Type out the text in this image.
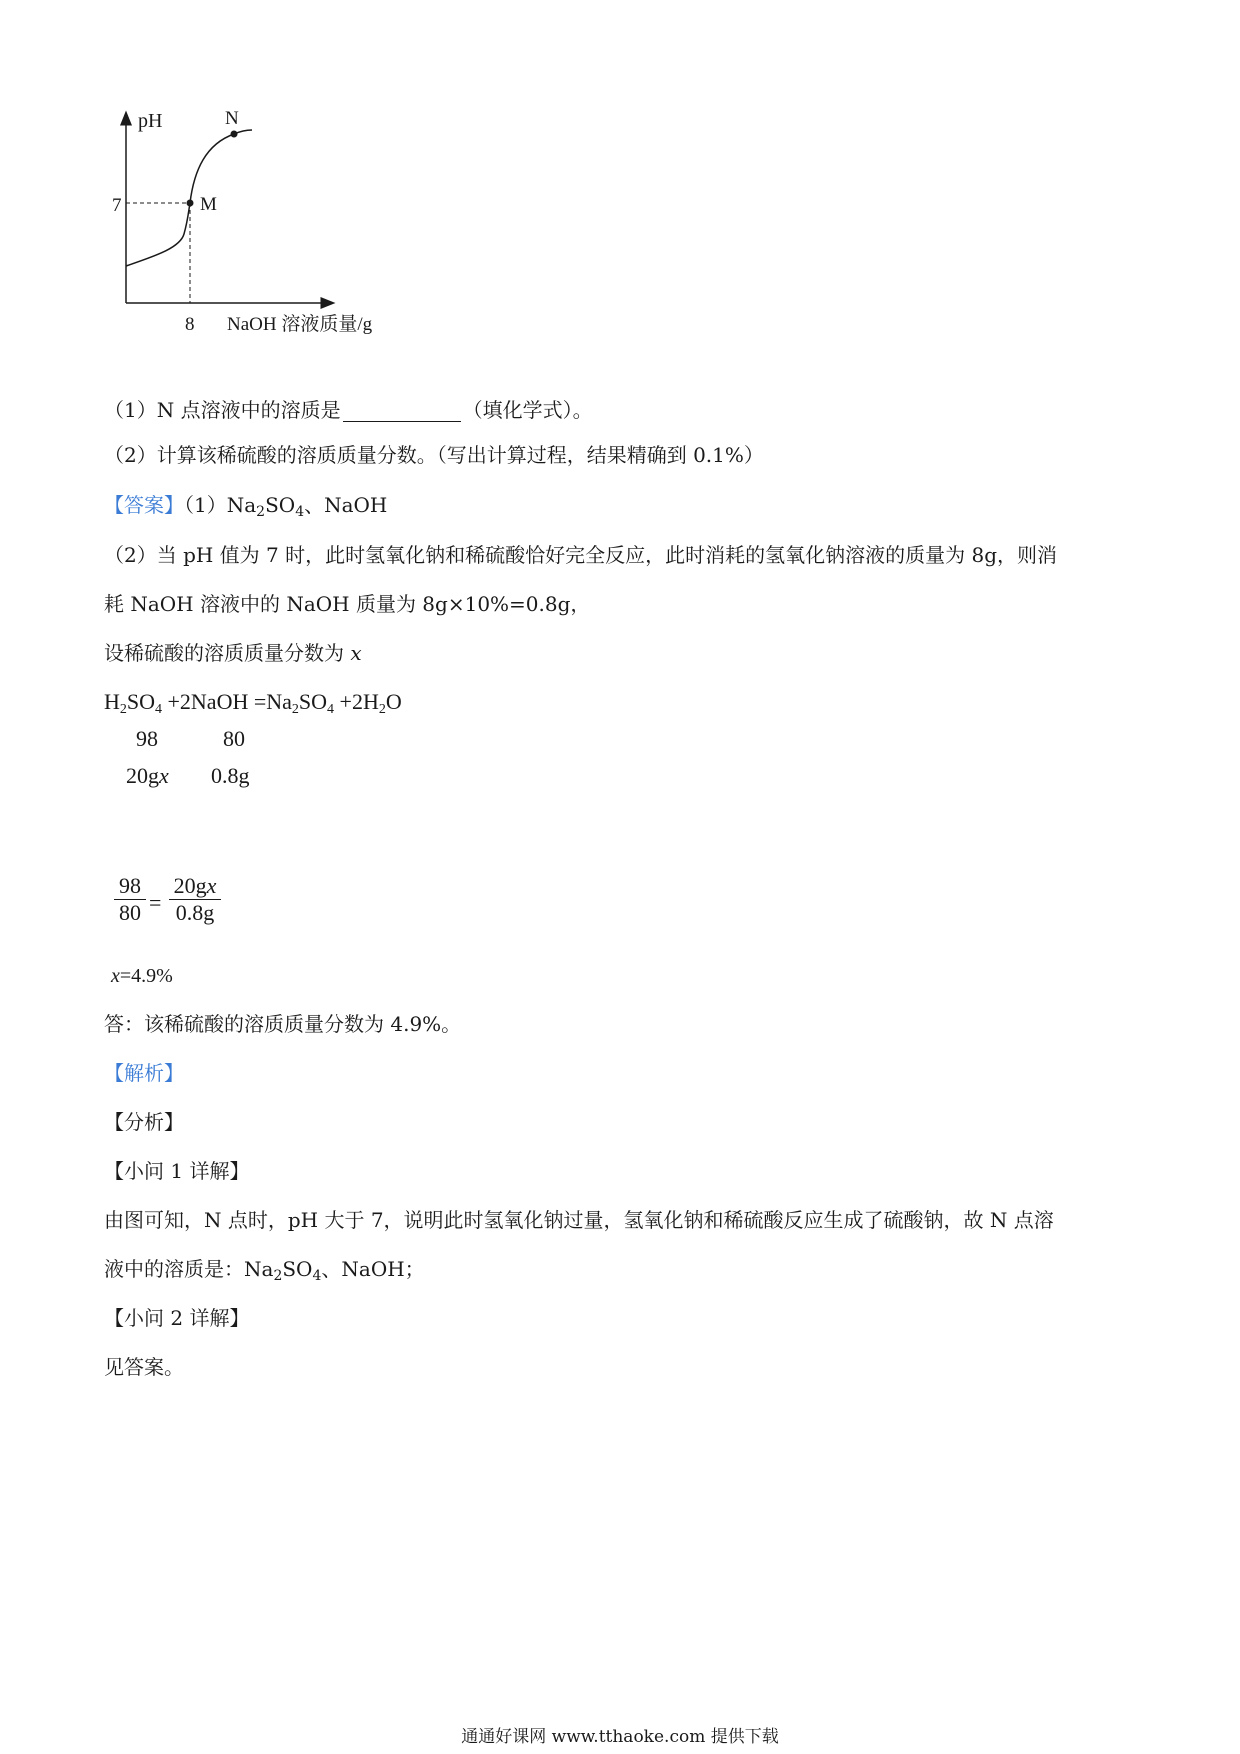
pH
7
8 NaOH 溶液质量/g
M
N
（1）N 点溶液中的溶质是	（填化学式）。
（2）计算该稀硫酸的溶质质量分数。（写出计算过程，结果精确到 0.1%）
【答案】$(1)Na_2SO_4$、NaOH
（2）当 pH 值为 7 时，此时氢氧化钠和稀硫酸恰好完全反应，此时消耗的氢氧化钠溶液的质量为 8g，则消
耗 NaOH 溶液中的 NaOH 质量为 8g×10%=0.8g，
设稀硫酸的溶质质量分数为 x
$H_2SO_4$ +2NaOH $=Na_2SO_4 +2H_2O$
98	80
20gx 0.8g
$\frac{98}{80} = \frac{20gx}{0.8g}$
x=4.9%
答：该稀硫酸的溶质质量分数为 4.9%。
【解析】
【分析】
【小问 1 详解】
由图可知，N 点时，pH 大于 7，说明此时氢氧化钠过量，氢氧化钠和稀硫酸反应生成了硫酸钠，故 N 点溶
液中的溶质是：$Na_2SO_4$、NaOH；
【小问 2 详解】
见答案。
通通好课网 www.tthaoke.com 提供下载
